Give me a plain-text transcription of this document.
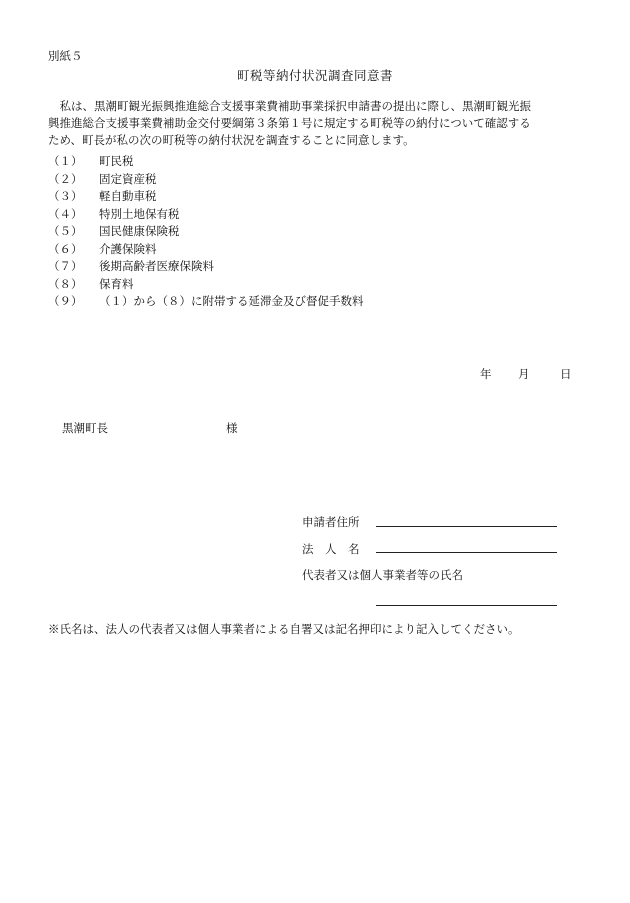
別紙５
町税等納付状況調査同意書

　私は、黒潮町観光振興推進総合支援事業費補助事業採択申請書の提出に際し、黒潮町観光振

興推進総合支援事業費補助金交付要綱第３条第１号に規定する町税等の納付について確認する

ため、町長が私の次の町税等の納付状況を調査することに同意します。

（１）	町民税
（２）	固定資産税
（３）	軽自動車税
（４）	特別土地保有税
（５）	国民健康保険税
（６）	介護保険料
（７）	後期高齢者医療保険料
（８）	保育料
（９）	（１）から（８）に附帯する延滞金及び督促手数料
年	月	日
黒潮町長	様
申請者住所
法　人　名
代表者又は個人事業者等の氏名
※氏名は、法人の代表者又は個人事業者による自署又は記名押印により記入してください。
